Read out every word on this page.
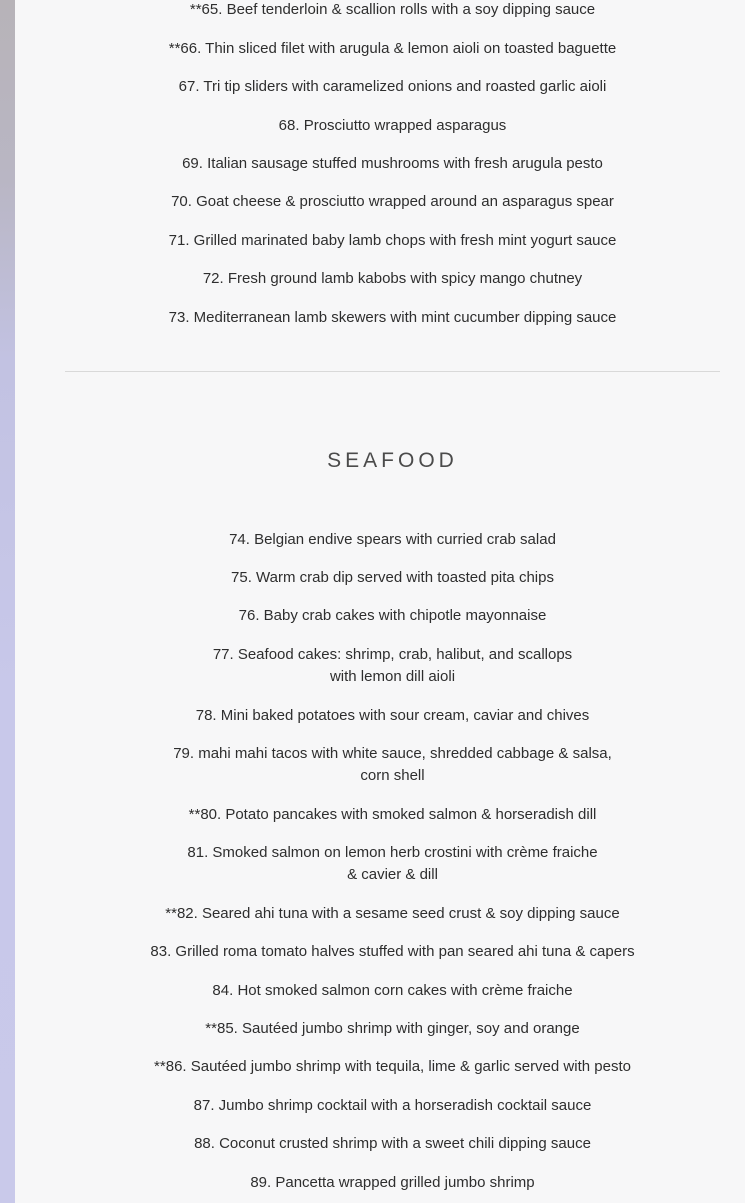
**65. Beef tenderloin & scallion rolls with a soy dipping sauce
**66. Thin sliced filet with arugula & lemon aioli on toasted baguette
67. Tri tip sliders with caramelized onions and roasted garlic aioli
68. Prosciutto wrapped asparagus
69. Italian sausage stuffed mushrooms with fresh arugula pesto
70. Goat cheese & prosciutto wrapped around an asparagus spear
71. Grilled marinated baby lamb chops with fresh mint yogurt sauce
72. Fresh ground lamb kabobs with spicy mango chutney
73. Mediterranean lamb skewers with mint cucumber dipping sauce
SEAFOOD
74. Belgian endive spears with curried crab salad
75. Warm crab dip served with toasted pita chips
76. Baby crab cakes with chipotle mayonnaise
77. Seafood cakes: shrimp, crab, halibut, and scallops
with lemon dill aioli
78. Mini baked potatoes with sour cream, caviar and chives
79. mahi mahi tacos with white sauce, shredded cabbage & salsa,
corn shell
**80. Potato pancakes with smoked salmon & horseradish dill
81. Smoked salmon on lemon herb crostini with crème fraiche
& cavier & dill
**82. Seared ahi tuna with a sesame seed crust & soy dipping sauce
83. Grilled roma tomato halves stuffed with pan seared ahi tuna & capers
84. Hot smoked salmon corn cakes with crème fraiche
**85. Sautéed jumbo shrimp with ginger, soy and orange
**86. Sautéed jumbo shrimp with tequila, lime & garlic served with pesto
87. Jumbo shrimp cocktail with a horseradish cocktail sauce
88. Coconut crusted shrimp with a sweet chili dipping sauce
89. Pancetta wrapped grilled jumbo shrimp
